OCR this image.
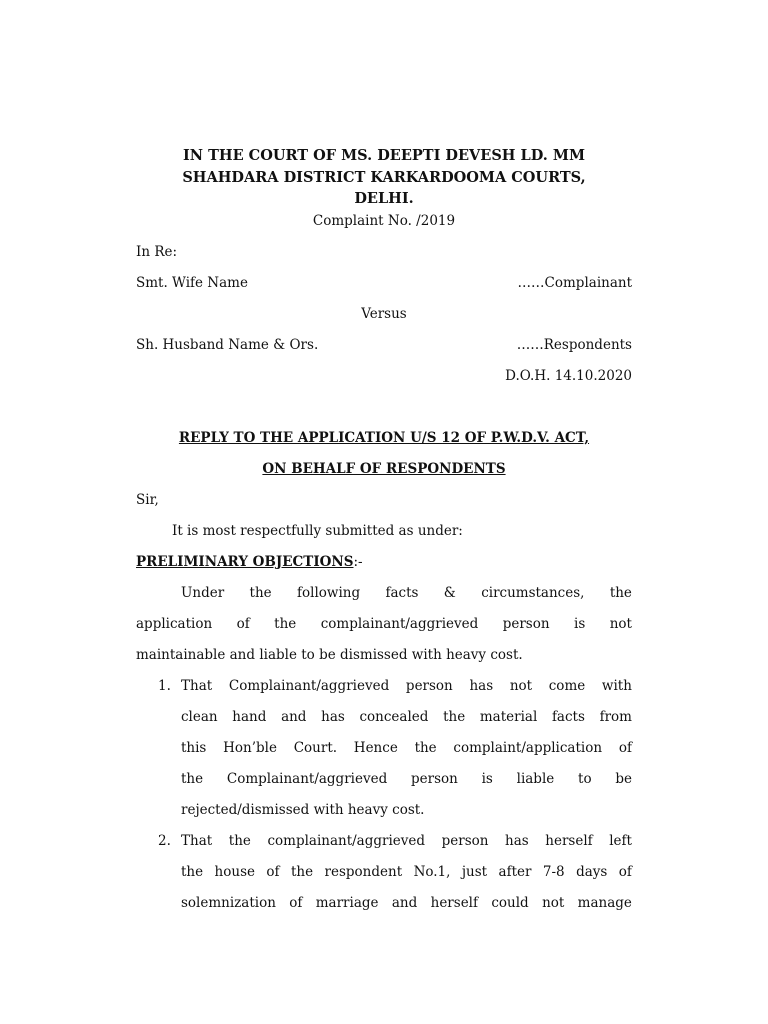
IN THE COURT OF MS. DEEPTI DEVESH LD. MM
SHAHDARA DISTRICT KARKARDOOMA COURTS,
DELHI.
Complaint No. /2019
In Re:
Smt. Wife Name	……Complainant
Versus
Sh. Husband Name & Ors.	……Respondents
D.O.H. 14.10.2020
REPLY TO THE APPLICATION U/S 12 OF P.W.D.V. ACT,
ON BEHALF OF RESPONDENTS
Sir,
It is most respectfully submitted as under:
PRELIMINARY OBJECTIONS:-
Under the following facts & circumstances, the
application of the complainant/aggrieved person is not
maintainable and liable to be dismissed with heavy cost.
1. That Complainant/aggrieved person has not come with
clean hand and has concealed the material facts from
this Hon’ble Court. Hence the complaint/application of
the Complainant/aggrieved person is liable to be
rejected/dismissed with heavy cost.
2. That the complainant/aggrieved person has herself left
the house of the respondent No.1, just after 7-8 days of
solemnization of marriage and herself could not manage
